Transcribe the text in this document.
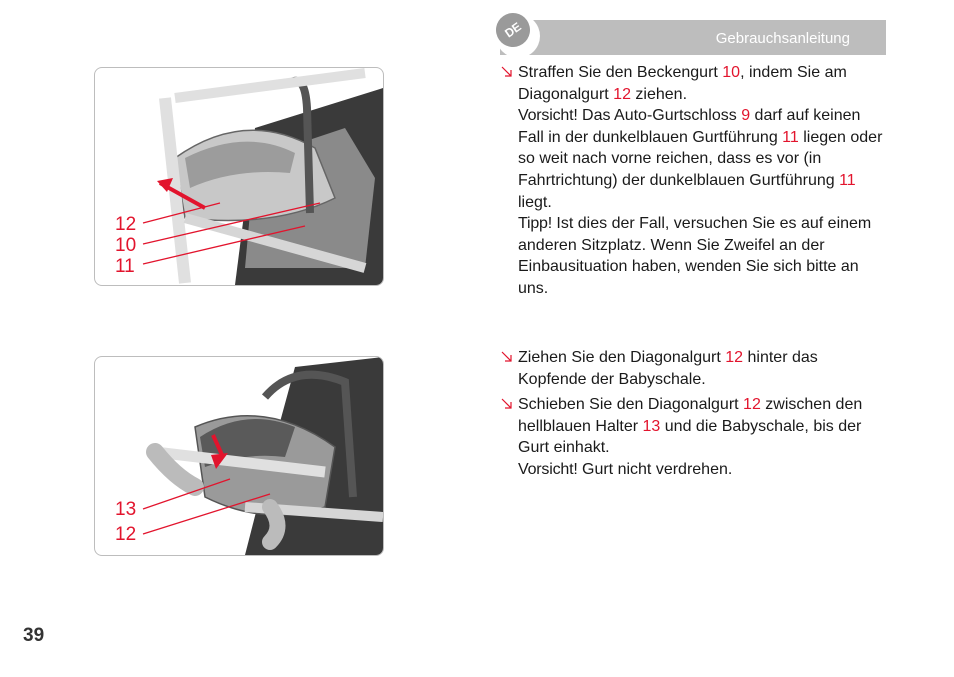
DE	Gebrauchsanleitung
12
10
11
13
12
Straffen Sie den Beckengurt 10, indem Sie am Diagonalgurt 12 ziehen.
Vorsicht! Das Auto-Gurtschloss 9 darf auf keinen Fall in der dunkelblauen Gurtführung 11 liegen oder so weit nach vorne reichen, dass es vor (in Fahrtrichtung) der dunkelblauen Gurtführung 11 liegt.
Tipp! Ist dies der Fall, versuchen Sie es auf einem anderen Sitzplatz. Wenn Sie Zweifel an der Einbausituation haben, wenden Sie sich bitte an uns.
Ziehen Sie den Diagonalgurt 12 hinter das Kopfende der Babyschale.
Schieben Sie den Diagonalgurt 12 zwischen den hellblauen Halter 13 und die Babyschale, bis der Gurt einhakt.
Vorsicht! Gurt nicht verdrehen.
39
